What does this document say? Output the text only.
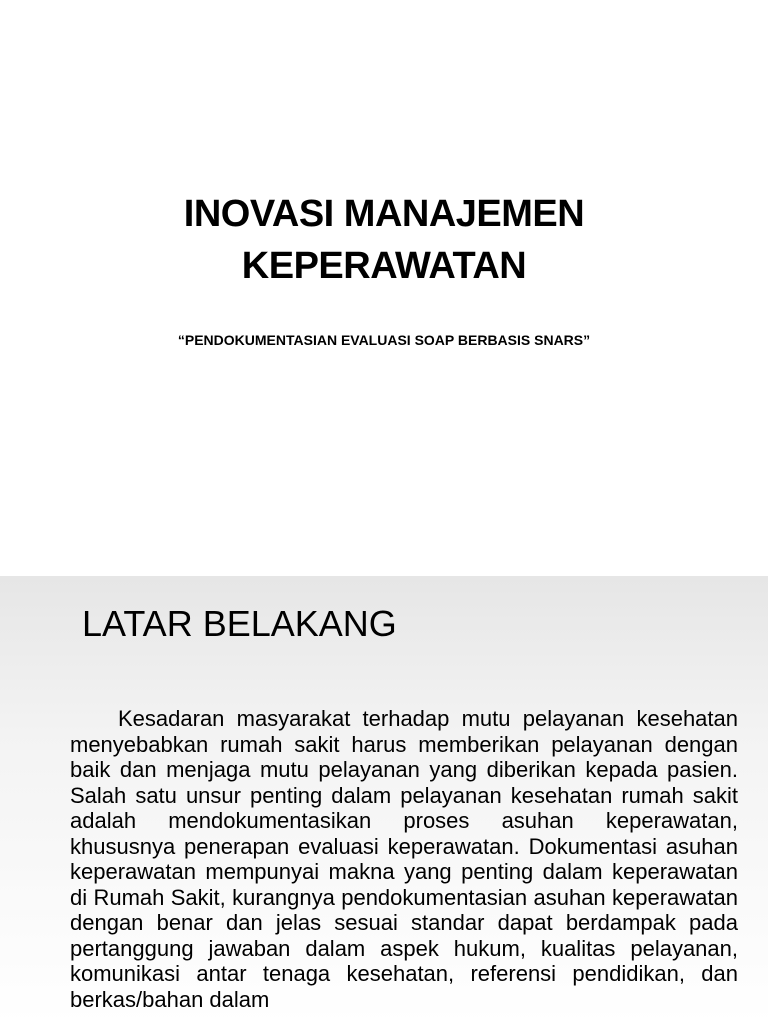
INOVASI MANAJEMEN
KEPERAWATAN
“PENDOKUMENTASIAN EVALUASI SOAP BERBASIS SNARS”
LATAR BELAKANG

Kesadaran masyarakat terhadap mutu pelayanan kesehatan menyebabkan rumah sakit harus memberikan pelayanan dengan baik dan menjaga mutu pelayanan yang diberikan kepada pasien. Salah satu unsur penting dalam pelayanan kesehatan rumah sakit adalah mendokumentasikan proses asuhan keperawatan, khususnya penerapan evaluasi keperawatan. Dokumentasi asuhan keperawatan mempunyai makna yang penting dalam keperawatan di Rumah Sakit, kurangnya pendokumentasian asuhan keperawatan dengan benar dan jelas sesuai standar dapat berdampak pada pertanggung jawaban dalam aspek hukum, kualitas pelayanan, komunikasi antar tenaga kesehatan, referensi pendidikan, dan berkas/bahan dalam
